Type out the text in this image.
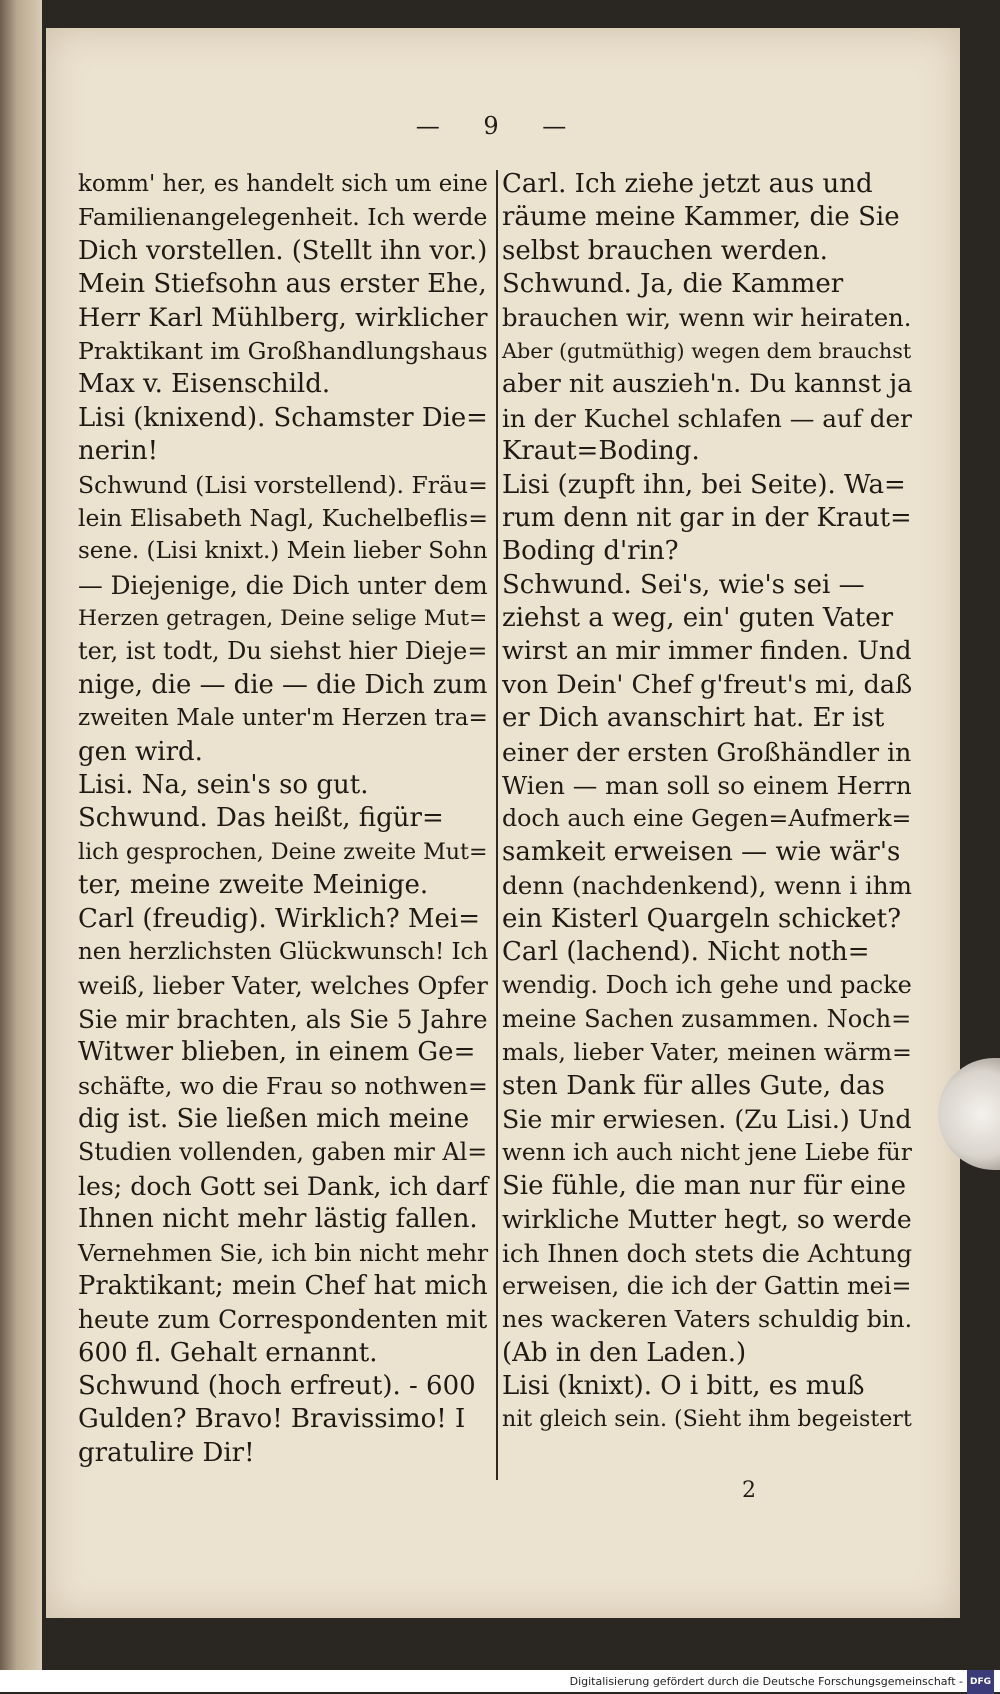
— 9 —
komm' her, es handelt sich um eine
Familienangelegenheit. Ich werde
Dich vorstellen. (Stellt ihn vor.)
Mein Stiefsohn aus erster Ehe,
Herr Karl Mühlberg, wirklicher
Praktikant im Großhandlungshaus
Max v. Eisenschild.
Lisi (knixend). Schamster Die=
nerin!
Schwund (Lisi vorstellend). Fräu=
lein Elisabeth Nagl, Kuchelbeflis=
sene. (Lisi knixt.) Mein lieber Sohn
— Diejenige, die Dich unter dem
Herzen getragen, Deine selige Mut=
ter, ist todt, Du siehst hier Dieje=
nige, die — die — die Dich zum
zweiten Male unter'm Herzen tra=
gen wird.
Lisi. Na, sein's so gut.
Schwund. Das heißt, figür=
lich gesprochen, Deine zweite Mut=
ter, meine zweite Meinige.
Carl (freudig). Wirklich? Mei=
nen herzlichsten Glückwunsch! Ich
weiß, lieber Vater, welches Opfer
Sie mir brachten, als Sie 5 Jahre
Witwer blieben, in einem Ge=
schäfte, wo die Frau so nothwen=
dig ist. Sie ließen mich meine
Studien vollenden, gaben mir Al=
les; doch Gott sei Dank, ich darf
Ihnen nicht mehr lästig fallen.
Vernehmen Sie, ich bin nicht mehr
Praktikant; mein Chef hat mich
heute zum Correspondenten mit
600 fl. Gehalt ernannt.
Schwund (hoch erfreut). - 600
Gulden? Bravo! Bravissimo! I
gratulire Dir!
Carl. Ich ziehe jetzt aus und
räume meine Kammer, die Sie
selbst brauchen werden.
Schwund. Ja, die Kammer
brauchen wir, wenn wir heiraten.
Aber (gutmüthig) wegen dem brauchst
aber nit auszieh'n. Du kannst ja
in der Kuchel schlafen — auf der
Kraut=Boding.
Lisi (zupft ihn, bei Seite). Wa=
rum denn nit gar in der Kraut=
Boding d'rin?
Schwund. Sei's, wie's sei —
ziehst a weg, ein' guten Vater
wirst an mir immer finden. Und
von Dein' Chef g'freut's mi, daß
er Dich avanschirt hat. Er ist
einer der ersten Großhändler in
Wien — man soll so einem Herrn
doch auch eine Gegen=Aufmerk=
samkeit erweisen — wie wär's
denn (nachdenkend), wenn i ihm
ein Kisterl Quargeln schicket?
Carl (lachend). Nicht noth=
wendig. Doch ich gehe und packe
meine Sachen zusammen. Noch=
mals, lieber Vater, meinen wärm=
sten Dank für alles Gute, das
Sie mir erwiesen. (Zu Lisi.) Und
wenn ich auch nicht jene Liebe für
Sie fühle, die man nur für eine
wirkliche Mutter hegt, so werde
ich Ihnen doch stets die Achtung
erweisen, die ich der Gattin mei=
nes wackeren Vaters schuldig bin.
(Ab in den Laden.)
Lisi (knixt). O i bitt, es muß
nit gleich sein. (Sieht ihm begeistert
2
Digitalisierung gefördert durch die Deutsche Forschungsgemeinschaft - DFG
